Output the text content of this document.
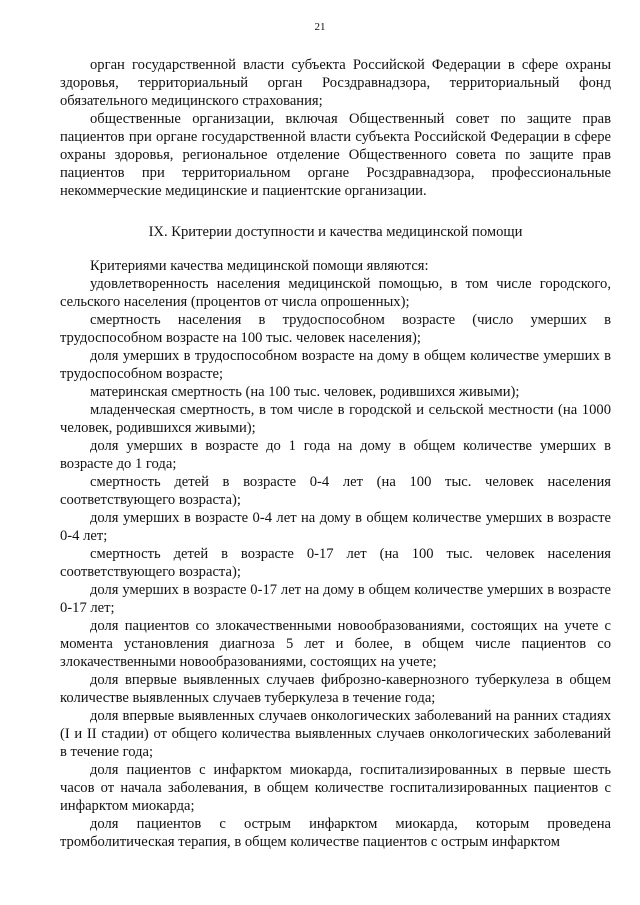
21

орган государственной власти субъекта Российской Федерации в сфере охраны здоровья, территориальный орган Росздравнадзора, территориальный фонд обязательного медицинского страхования;

общественные организации, включая Общественный совет по защите прав пациентов при органе государственной власти субъекта Российской Федерации в сфере охраны здоровья, региональное отделение Общественного совета по защите прав пациентов при территориальном органе Росздравнадзора, профессиональные некоммерческие медицинские и пациентские организации.

IX. Критерии доступности и качества медицинской помощи

Критериями качества медицинской помощи являются:

удовлетворенность населения медицинской помощью, в том числе городского, сельского населения (процентов от числа опрошенных);

смертность населения в трудоспособном возрасте (число умерших в трудоспособном возрасте на 100 тыс. человек населения);

доля умерших в трудоспособном возрасте на дому в общем количестве умерших в трудоспособном возрасте;

материнская смертность (на 100 тыс. человек, родившихся живыми);

младенческая смертность, в том числе в городской и сельской местности (на 1000 человек, родившихся живыми);

доля умерших в возрасте до 1 года на дому в общем количестве умерших в возрасте до 1 года;

смертность детей в возрасте 0-4 лет (на 100 тыс. человек населения соответствующего возраста);

доля умерших в возрасте 0-4 лет на дому в общем количестве умерших в возрасте 0-4 лет;

смертность детей в возрасте 0-17 лет (на 100 тыс. человек населения соответствующего возраста);

доля умерших в возрасте 0-17 лет на дому в общем количестве умерших в возрасте 0-17 лет;

доля пациентов со злокачественными новообразованиями, состоящих на учете с момента установления диагноза 5 лет и более, в общем числе пациентов со злокачественными новообразованиями, состоящих на учете;

доля впервые выявленных случаев фиброзно-кавернозного туберкулеза в общем количестве выявленных случаев туберкулеза в течение года;

доля впервые выявленных случаев онкологических заболеваний на ранних стадиях (I и II стадии) от общего количества выявленных случаев онкологических заболеваний в течение года;

доля пациентов с инфарктом миокарда, госпитализированных в первые шесть часов от начала заболевания, в общем количестве госпитализированных пациентов с инфарктом миокарда;

доля пациентов с острым инфарктом миокарда, которым проведена тромболитическая терапия, в общем количестве пациентов с острым инфарктом
